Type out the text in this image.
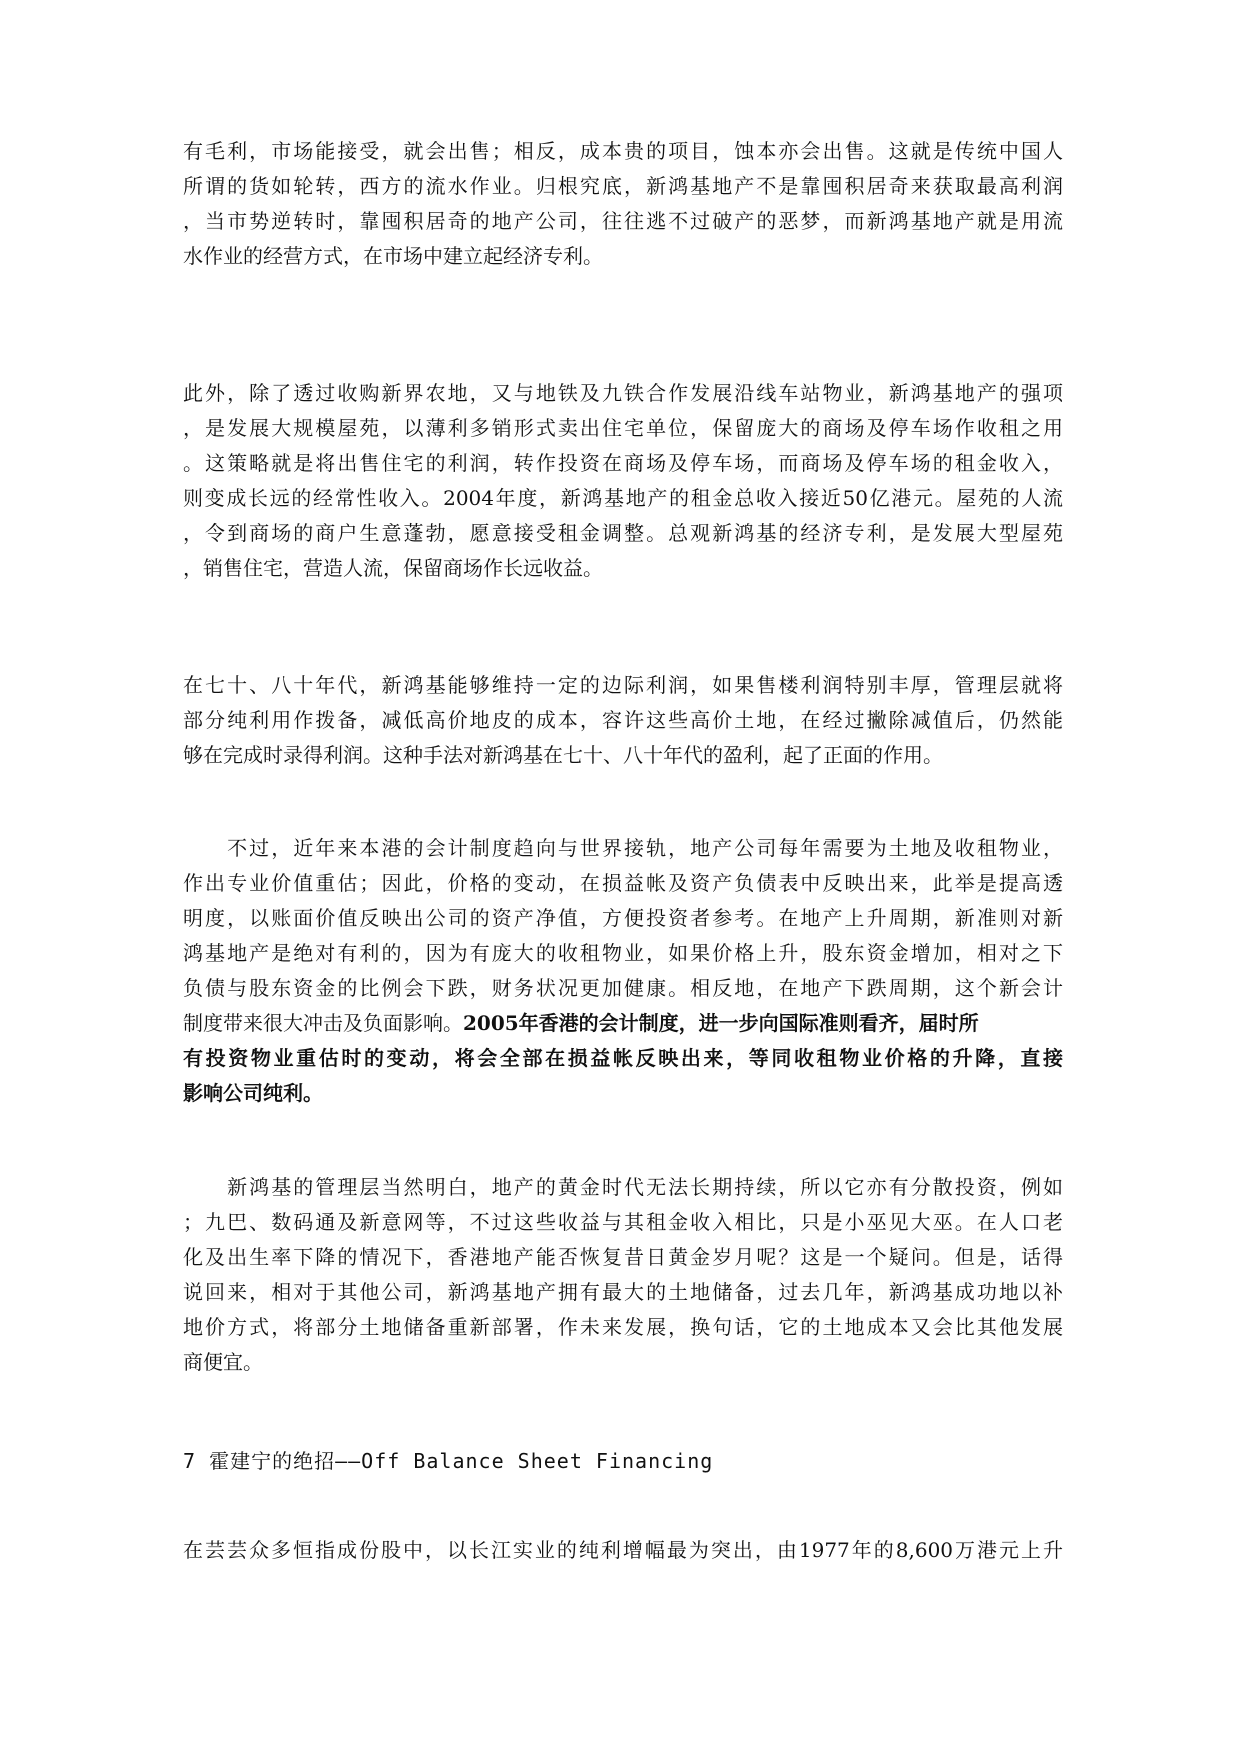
有毛利，市场能接受，就会出售；相反，成本贵的项目，蚀本亦会出售。这就是传统中国人
所谓的货如轮转，西方的流水作业。归根究底，新鸿基地产不是靠囤积居奇来获取最高利润
，当市势逆转时，靠囤积居奇的地产公司，往往逃不过破产的恶梦，而新鸿基地产就是用流
水作业的经营方式，在市场中建立起经济专利。
此外，除了透过收购新界农地，又与地铁及九铁合作发展沿线车站物业，新鸿基地产的强项
，是发展大规模屋苑，以薄利多销形式卖出住宅单位，保留庞大的商场及停车场作收租之用
。这策略就是将出售住宅的利润，转作投资在商场及停车场，而商场及停车场的租金收入，
则变成长远的经常性收入。2004年度，新鸿基地产的租金总收入接近50亿港元。屋苑的人流
，令到商场的商户生意蓬勃，愿意接受租金调整。总观新鸿基的经济专利，是发展大型屋苑
，销售住宅，营造人流，保留商场作长远收益。
在七十、八十年代，新鸿基能够维持一定的边际利润，如果售楼利润特别丰厚，管理层就将
部分纯利用作拨备，减低高价地皮的成本，容许这些高价土地，在经过撇除减值后，仍然能
够在完成时录得利润。这种手法对新鸿基在七十、八十年代的盈利，起了正面的作用。
　　不过，近年来本港的会计制度趋向与世界接轨，地产公司每年需要为土地及收租物业，
作出专业价值重估；因此，价格的变动，在损益帐及资产负债表中反映出来，此举是提高透
明度，以账面价值反映出公司的资产净值，方便投资者参考。在地产上升周期，新准则对新
鸿基地产是绝对有利的，因为有庞大的收租物业，如果价格上升，股东资金增加，相对之下
负债与股东资金的比例会下跌，财务状况更加健康。相反地，在地产下跌周期，这个新会计
制度带来很大冲击及负面影响。2005年香港的会计制度，进一步向国际准则看齐，届时所
有投资物业重估时的变动，将会全部在损益帐反映出来，等同收租物业价格的升降，直接
影响公司纯利。
　　新鸿基的管理层当然明白，地产的黄金时代无法长期持续，所以它亦有分散投资，例如
；九巴、数码通及新意网等，不过这些收益与其租金收入相比，只是小巫见大巫。在人口老
化及出生率下降的情况下，香港地产能否恢复昔日黄金岁月呢？这是一个疑问。但是，话得
说回来，相对于其他公司，新鸿基地产拥有最大的土地储备，过去几年，新鸿基成功地以补
地价方式，将部分土地储备重新部署，作未来发展，换句话，它的土地成本又会比其他发展
商便宜。
7 霍建宁的绝招——Off Balance Sheet Financing
在芸芸众多恒指成份股中，以长江实业的纯利增幅最为突出，由1977年的8,600万港元上升
